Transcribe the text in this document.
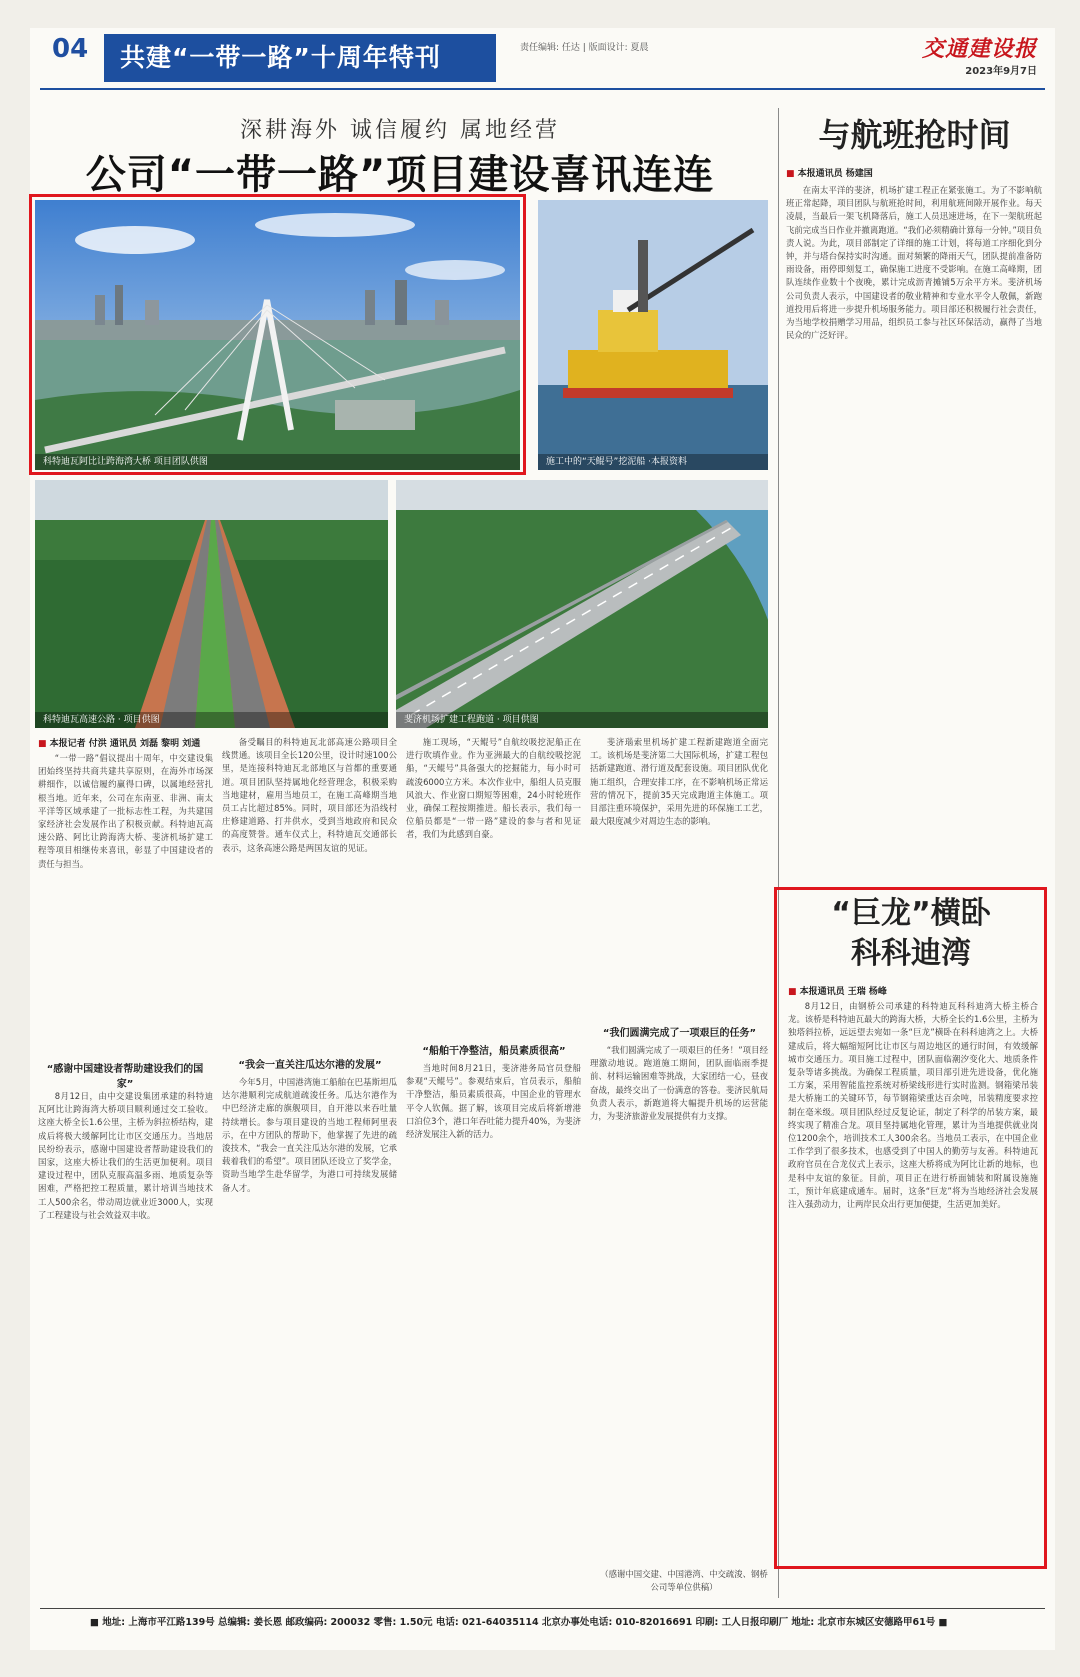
04	共建“一带一路”十周年特刊	责任编辑: 任达 | 版面设计: 夏晨	交通建设报
2023年9月7日
深耕海外 诚信履约 属地经营
公司“一带一路”项目建设喜讯连连
科特迪瓦阿比让跨海湾大桥 项目团队供图	施工中的“天鲲号”挖泥船 ·本报资料
科特迪瓦高速公路 · 项目供图	斐济机场扩建工程跑道 · 项目供图
■ 本报记者 付洪 通讯员 刘磊 黎明 刘通
“一带一路”倡议提出十周年，中交建设集团始终坚持共商共建共享原则，在海外市场深耕细作，以诚信履约赢得口碑，以属地经营扎根当地。近年来，公司在东南亚、非洲、南太平洋等区域承建了一批标志性工程，为共建国家经济社会发展作出了积极贡献。科特迪瓦高速公路、阿比让跨海湾大桥、斐济机场扩建工程等项目相继传来喜讯，彰显了中国建设者的责任与担当。
“感谢中国建设者帮助建设我们的国家”
8月12日，由中交建设集团承建的科特迪瓦阿比让跨海湾大桥项目顺利通过交工验收。这座大桥全长1.6公里，主桥为斜拉桥结构，建成后将极大缓解阿比让市区交通压力。当地居民纷纷表示，感谢中国建设者帮助建设我们的国家，这座大桥让我们的生活更加便利。项目建设过程中，团队克服高温多雨、地质复杂等困难，严格把控工程质量，累计培训当地技术工人500余名，带动周边就业近3000人，实现了工程建设与社会效益双丰收。
备受瞩目的科特迪瓦北部高速公路项目全线贯通。该项目全长120公里，设计时速100公里，是连接科特迪瓦北部地区与首都的重要通道。项目团队坚持属地化经营理念，积极采购当地建材，雇用当地员工，在施工高峰期当地员工占比超过85%。同时，项目部还为沿线村庄修建道路、打井供水，受到当地政府和民众的高度赞誉。通车仪式上，科特迪瓦交通部长表示，这条高速公路是两国友谊的见证。
“我会一直关注瓜达尔港的发展”
今年5月，中国港湾施工船舶在巴基斯坦瓜达尔港顺利完成航道疏浚任务。瓜达尔港作为中巴经济走廊的旗舰项目，自开港以来吞吐量持续增长。参与项目建设的当地工程师阿里表示，在中方团队的帮助下，他掌握了先进的疏浚技术，“我会一直关注瓜达尔港的发展，它承载着我们的希望”。项目团队还设立了奖学金，资助当地学生赴华留学，为港口可持续发展储备人才。
施工现场，“天鲲号”自航绞吸挖泥船正在进行吹填作业。作为亚洲最大的自航绞吸挖泥船，“天鲲号”具备强大的挖掘能力，每小时可疏浚6000立方米。本次作业中，船组人员克服风浪大、作业窗口期短等困难，24小时轮班作业，确保工程按期推进。船长表示，我们每一位船员都是“一带一路”建设的参与者和见证者，我们为此感到自豪。
“船舶干净整洁，船员素质很高”
当地时间8月21日，斐济港务局官员登船参观“天鲲号”。参观结束后，官员表示，船舶干净整洁，船员素质很高，中国企业的管理水平令人钦佩。据了解，该项目完成后将新增港口泊位3个，港口年吞吐能力提升40%，为斐济经济发展注入新的活力。
斐济瑙索里机场扩建工程新建跑道全面完工。该机场是斐济第二大国际机场，扩建工程包括新建跑道、滑行道及配套设施。项目团队优化施工组织，合理安排工序，在不影响机场正常运营的情况下，提前35天完成跑道主体施工。项目部注重环境保护，采用先进的环保施工工艺，最大限度减少对周边生态的影响。
“我们圆满完成了一项艰巨的任务”
“我们圆满完成了一项艰巨的任务！”项目经理激动地说。跑道施工期间，团队面临雨季提前、材料运输困难等挑战，大家团结一心，昼夜奋战，最终交出了一份满意的答卷。斐济民航局负责人表示，新跑道将大幅提升机场的运营能力，为斐济旅游业发展提供有力支撑。
（感谢中国交建、中国港湾、中交疏浚、钢桥公司等单位供稿）
与航班抢时间
■ 本报通讯员 杨建国
在南太平洋的斐济，机场扩建工程正在紧张施工。为了不影响航班正常起降，项目团队与航班抢时间，利用航班间隙开展作业。每天凌晨，当最后一架飞机降落后，施工人员迅速进场，在下一架航班起飞前完成当日作业并撤离跑道。“我们必须精确计算每一分钟。”项目负责人说。为此，项目部制定了详细的施工计划，将每道工序细化到分钟，并与塔台保持实时沟通。面对频繁的降雨天气，团队提前准备防雨设备，雨停即刻复工，确保施工进度不受影响。在施工高峰期，团队连续作业数十个夜晚，累计完成沥青摊铺5万余平方米。斐济机场公司负责人表示，中国建设者的敬业精神和专业水平令人敬佩，新跑道投用后将进一步提升机场服务能力。项目部还积极履行社会责任，为当地学校捐赠学习用品，组织员工参与社区环保活动，赢得了当地民众的广泛好评。
“巨龙”横卧
科科迪湾
■ 本报通讯员 王瑞 杨峰
8月12日，由钢桥公司承建的科特迪瓦科科迪湾大桥主桥合龙。该桥是科特迪瓦最大的跨海大桥，大桥全长约1.6公里，主桥为独塔斜拉桥，远远望去宛如一条“巨龙”横卧在科科迪湾之上。大桥建成后，将大幅缩短阿比让市区与周边地区的通行时间，有效缓解城市交通压力。项目施工过程中，团队面临潮汐变化大、地质条件复杂等诸多挑战。为确保工程质量，项目部引进先进设备，优化施工方案，采用智能监控系统对桥梁线形进行实时监测。钢箱梁吊装是大桥施工的关键环节，每节钢箱梁重达百余吨，吊装精度要求控制在毫米级。项目团队经过反复论证，制定了科学的吊装方案，最终实现了精准合龙。项目坚持属地化管理，累计为当地提供就业岗位1200余个，培训技术工人300余名。当地员工表示，在中国企业工作学到了很多技术，也感受到了中国人的勤劳与友善。科特迪瓦政府官员在合龙仪式上表示，这座大桥将成为阿比让新的地标，也是科中友谊的象征。目前，项目正在进行桥面铺装和附属设施施工，预计年底建成通车。届时，这条“巨龙”将为当地经济社会发展注入强劲动力，让两岸民众出行更加便捷，生活更加美好。
■ 地址: 上海市平江路139号 总编辑: 姜长恩 邮政编码: 200032 零售: 1.50元 电话: 021-64035114 北京办事处电话: 010-82016691 印刷: 工人日报印刷厂 地址: 北京市东城区安德路甲61号 ■
